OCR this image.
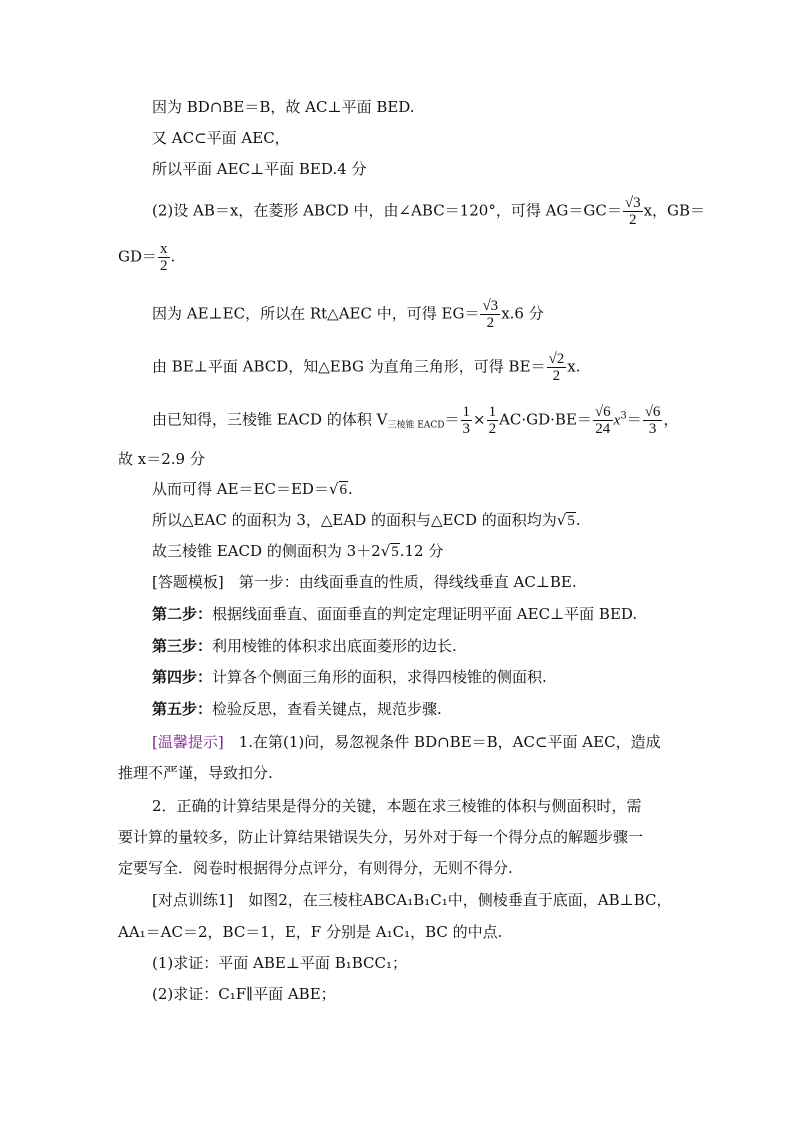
因为 BD∩BE＝B，故 AC⊥平面 BED.
又 AC⊂平面 AEC，
所以平面 AEC⊥平面 BED.4 分
(2)设 AB＝x，在菱形 ABCD 中，由∠ABC＝120°，可得 $AG=GC= \frac{√3}{2}$ x，GB＝
$GD= \frac{x}{2}$ .
因为 AE⊥EC，所以在 Rt△AEC 中，可得 $EG= \frac{√3}{2} x.6$ 分
由 BE⊥平面 ABCD，知△EBG 为直角三角形，可得 $BE= \frac{√2}{2} x$.
由已知得，三棱锥 EACD 的体积 $V_{三棱锥 EACD}= \frac{1}{3} \times \frac{1}{2} AC\cdot GD\cdot BE= \frac{√6}{24} x^3= \frac{√6}{3}$ ，
故 x＝2.9 分
从而可得 AE＝EC＝ED＝√6.
所以△EAC 的面积为 3，△EAD 的面积与△ECD 的面积均为√5.
故三棱锥 EACD 的侧面积为 3＋2√5.12 分
[答题模板]　第一步：由线面垂直的性质，得线线垂直 AC⊥BE.
第二步：根据线面垂直、面面垂直的判定定理证明平面 AEC⊥平面 BED.
第三步：利用棱锥的体积求出底面菱形的边长.
第四步：计算各个侧面三角形的面积，求得四棱锥的侧面积.
第五步：检验反思，查看关键点，规范步骤.
[温馨提示]　1.在第(1)问，易忽视条件 BD∩BE＝B，AC⊂平面 AEC，造成
推理不严谨，导致扣分.
2．正确的计算结果是得分的关键，本题在求三棱锥的体积与侧面积时，需
要计算的量较多，防止计算结果错误失分，另外对于每一个得分点的解题步骤一
定要写全．阅卷时根据得分点评分，有则得分，无则不得分.
[对点训练1]　如图2，在三棱柱ABCA₁B₁C₁中，侧棱垂直于底面，AB⊥BC，
AA₁＝AC＝2，BC＝1，E，F 分别是 A₁C₁，BC 的中点.
(1)求证：平面 ABE⊥平面 B₁BCC₁；
(2)求证：C₁F∥平面 ABE；
